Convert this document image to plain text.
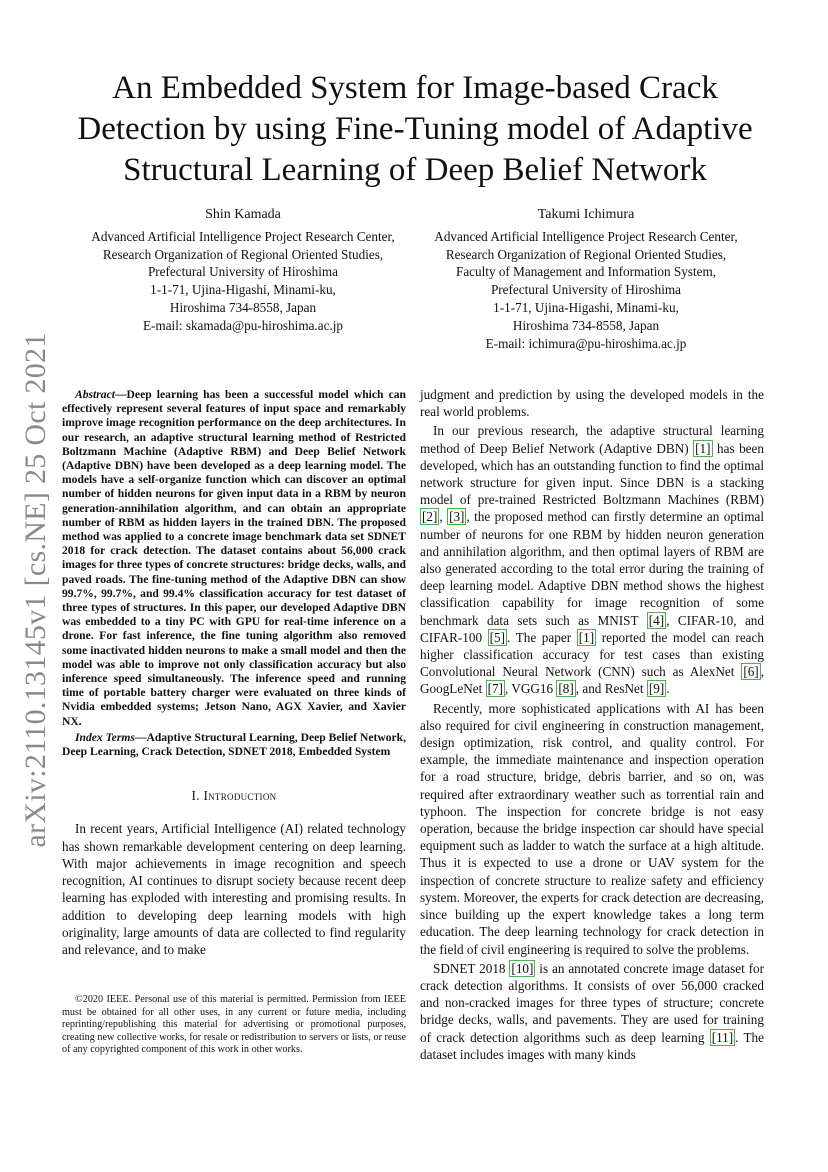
arXiv:2110.13145v1 [cs.NE] 25 Oct 2021
An Embedded System for Image-based Crack
Detection by using Fine-Tuning model of Adaptive
Structural Learning of Deep Belief Network
Shin Kamada
Advanced Artificial Intelligence Project Research Center,
Research Organization of Regional Oriented Studies,
Prefectural University of Hiroshima
1-1-71, Ujina-Higashi, Minami-ku,
Hiroshima 734-8558, Japan
E-mail: skamada@pu-hiroshima.ac.jp
Takumi Ichimura
Advanced Artificial Intelligence Project Research Center,
Research Organization of Regional Oriented Studies,
Faculty of Management and Information System,
Prefectural University of Hiroshima
1-1-71, Ujina-Higashi, Minami-ku,
Hiroshima 734-8558, Japan
E-mail: ichimura@pu-hiroshima.ac.jp

Abstract—Deep learning has been a successful model which can effectively represent several features of input space and remarkably improve image recognition performance on the deep architectures. In our research, an adaptive structural learning method of Restricted Boltzmann Machine (Adaptive RBM) and Deep Belief Network (Adaptive DBN) have been developed as a deep learning model. The models have a self-organize function which can discover an optimal number of hidden neurons for given input data in a RBM by neuron generation-annihilation algorithm, and can obtain an appropriate number of RBM as hidden layers in the trained DBN. The proposed method was applied to a concrete image benchmark data set SDNET 2018 for crack detection. The dataset contains about 56,000 crack images for three types of concrete structures: bridge decks, walls, and paved roads. The fine-tuning method of the Adaptive DBN can show 99.7%, 99.7%, and 99.4% classification accuracy for test dataset of three types of structures. In this paper, our developed Adaptive DBN was embedded to a tiny PC with GPU for real-time inference on a drone. For fast inference, the fine tuning algorithm also removed some inactivated hidden neurons to make a small model and then the model was able to improve not only classification accuracy but also inference speed simultaneously. The inference speed and running time of portable battery charger were evaluated on three kinds of Nvidia embedded systems; Jetson Nano, AGX Xavier, and Xavier NX.

Index Terms—Adaptive Structural Learning, Deep Belief Network, Deep Learning, Crack Detection, SDNET 2018, Embedded System

I. Introduction

In recent years, Artificial Intelligence (AI) related technology has shown remarkable development centering on deep learning. With major achievements in image recognition and speech recognition, AI continues to disrupt society because recent deep learning has exploded with interesting and promising results. In addition to developing deep learning models with high originality, large amounts of data are collected to find regularity and relevance, and to make

©2020 IEEE. Personal use of this material is permitted. Permission from IEEE must be obtained for all other uses, in any current or future media, including reprinting/republishing this material for advertising or promotional purposes, creating new collective works, for resale or redistribution to servers or lists, or reuse of any copyrighted component of this work in other works.

judgment and prediction by using the developed models in the real world problems.

In our previous research, the adaptive structural learning method of Deep Belief Network (Adaptive DBN) [1] has been developed, which has an outstanding function to find the optimal network structure for given input. Since DBN is a stacking model of pre-trained Restricted Boltzmann Machines (RBM) [2] , [3] , the proposed method can firstly determine an optimal number of neurons for one RBM by hidden neuron generation and annihilation algorithm, and then optimal layers of RBM are also generated according to the total error during the training of deep learning model. Adaptive DBN method shows the highest classification capability for image recognition of some benchmark data sets such as MNIST [4] , CIFAR-10, and CIFAR-100 [5] . The paper [1] reported the model can reach higher classification accuracy for test cases than existing Convolutional Neural Network (CNN) such as AlexNet [6] , GoogLeNet [7] , VGG16 [8] , and ResNet [9] .

Recently, more sophisticated applications with AI has been also required for civil engineering in construction management, design optimization, risk control, and quality control. For example, the immediate maintenance and inspection operation for a road structure, bridge, debris barrier, and so on, was required after extraordinary weather such as torrential rain and typhoon. The inspection for concrete bridge is not easy operation, because the bridge inspection car should have special equipment such as ladder to watch the surface at a high altitude. Thus it is expected to use a drone or UAV system for the inspection of concrete structure to realize safety and efficiency system. Moreover, the experts for crack detection are decreasing, since building up the expert knowledge takes a long term education. The deep learning technology for crack detection in the field of civil engineering is required to solve the problems.

SDNET 2018 [10] is an annotated concrete image dataset for crack detection algorithms. It consists of over 56,000 cracked and non-cracked images for three types of structure; concrete bridge decks, walls, and pavements. They are used for training of crack detection algorithms such as deep learning [11] . The dataset includes images with many kinds
